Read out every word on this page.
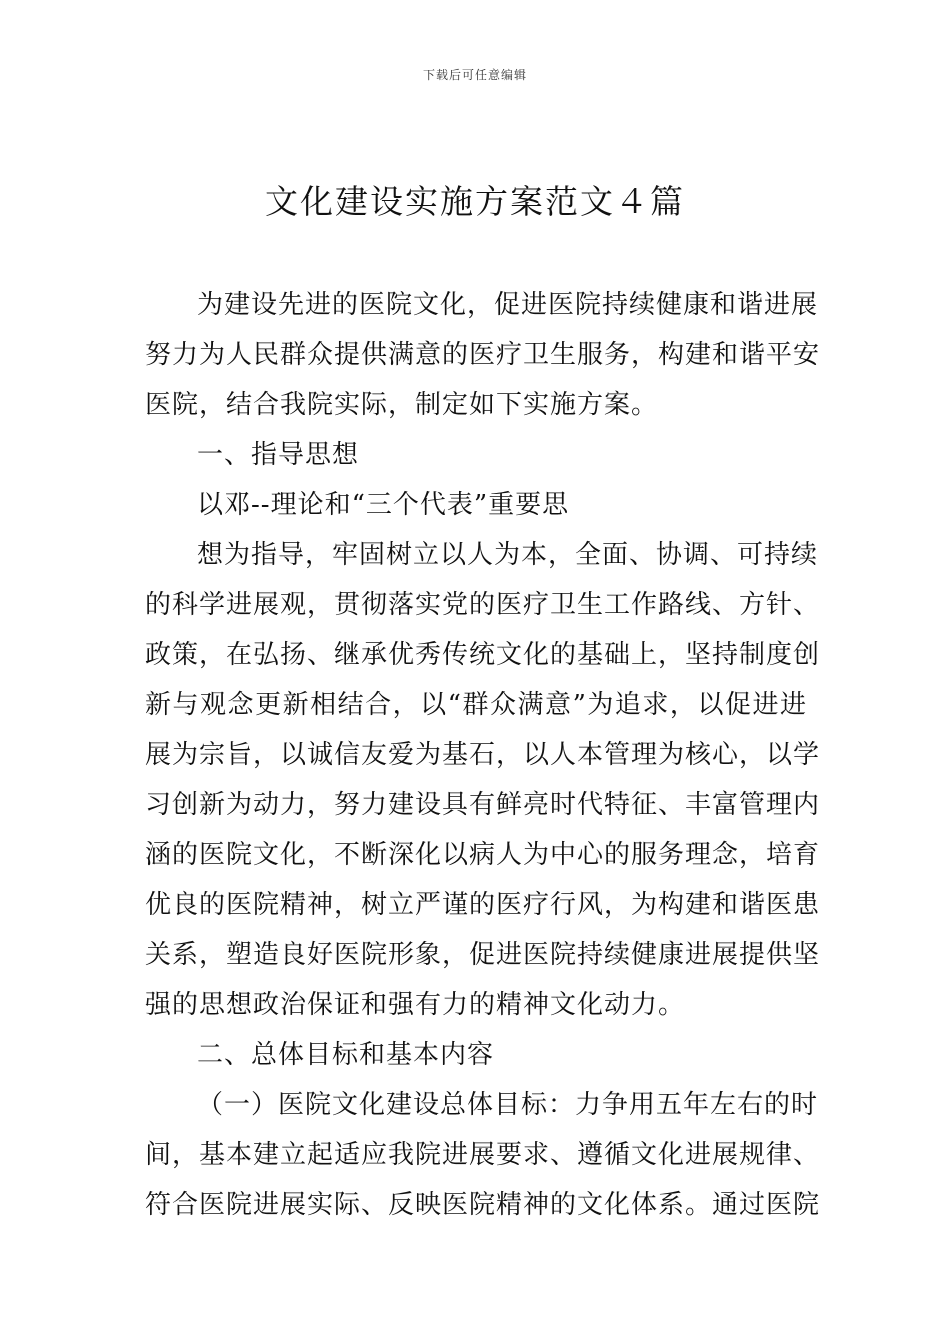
下载后可任意编辑
文化建设实施方案范文４篇
为建设先进的医院文化，促进医院持续健康和谐进展
努力为人民群众提供满意的医疗卫生服务，构建和谐平安
医院，结合我院实际，制定如下实施方案。
一、指导思想
以邓--理论和“三个代表”重要思
想为指导，牢固树立以人为本，全面、协调、可持续
的科学进展观，贯彻落实党的医疗卫生工作路线、方针、
政策，在弘扬、继承优秀传统文化的基础上，坚持制度创
新与观念更新相结合，以“群众满意”为追求，以促进进
展为宗旨，以诚信友爱为基石，以人本管理为核心，以学
习创新为动力，努力建设具有鲜亮时代特征、丰富管理内
涵的医院文化，不断深化以病人为中心的服务理念，培育
优良的医院精神，树立严谨的医疗行风，为构建和谐医患
关系，塑造良好医院形象，促进医院持续健康进展提供坚
强的思想政治保证和强有力的精神文化动力。
二、总体目标和基本内容
（一）医院文化建设总体目标：力争用五年左右的时
间，基本建立起适应我院进展要求、遵循文化进展规律、
符合医院进展实际、反映医院精神的文化体系。通过医院
